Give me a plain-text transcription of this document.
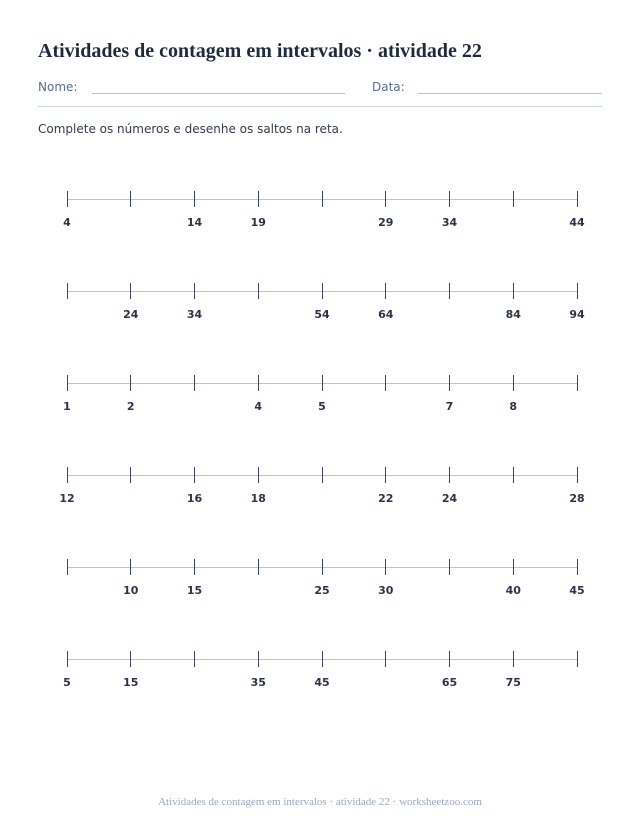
Atividades de contagem em intervalos · atividade 22
Nome:	Data:

Complete os números e desenhe os saltos na reta.

4	14	19	29	34	44
24	34	54	64	84	94
1	2	4	5	7	8
12	16	18	22	24	28
10	15	25	30	40	45
5	15	35	45	65	75
Atividades de contagem em intervalos · atividade 22 · worksheetzoo.com
